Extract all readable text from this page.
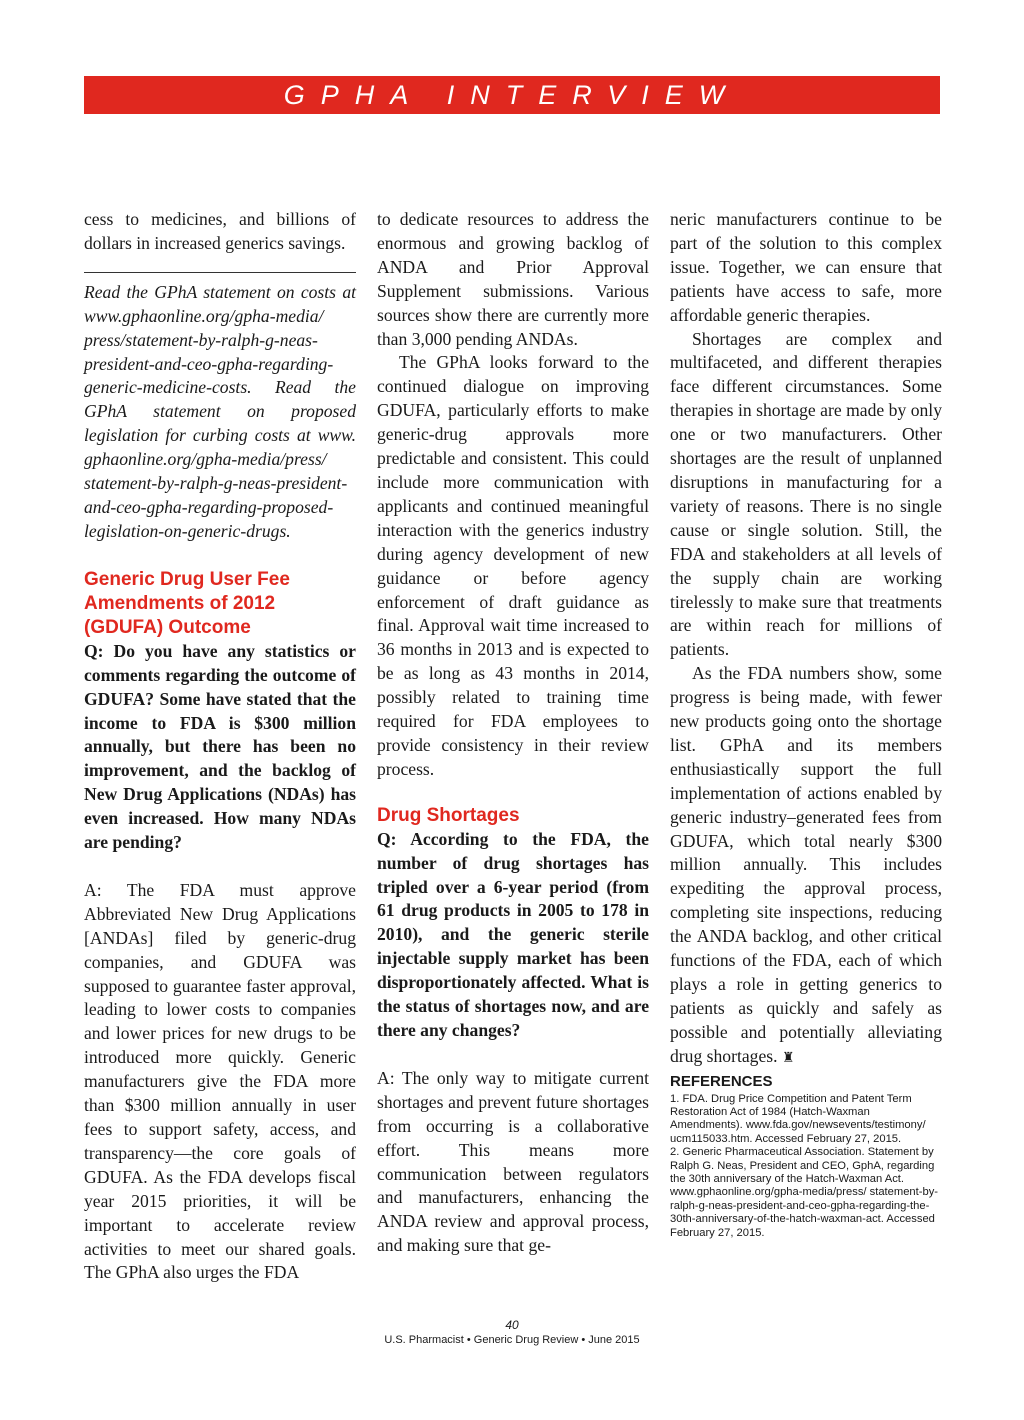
GPHA INTERVIEW

cess to medicines, and billions of dollars in increased generics savings.

Read the GPhA statement on costs at www.gphaonline.org/gpha-media/ press/statement-by-ralph-g-neas-president-and-ceo-gpha-regarding-generic-medicine-costs. Read the GPhA statement on proposed legislation for curbing costs at www. gphaonline.org/gpha-media/press/ statement-by-ralph-g-neas-president-and-ceo-gpha-regarding-proposed-legislation-on-generic-drugs.

Generic Drug User Fee Amendments of 2012 (GDUFA) Outcome

Q: Do you have any statistics or comments regarding the outcome of GDUFA? Some have stated that the income to FDA is $300 million annually, but there has been no improvement, and the backlog of New Drug Applications (NDAs) has even increased. How many NDAs are pending?

A: The FDA must approve Abbreviated New Drug Applications [ANDAs] filed by generic-drug companies, and GDUFA was supposed to guarantee faster approval, leading to lower costs to companies and lower prices for new drugs to be introduced more quickly. Generic manufacturers give the FDA more than $300 million annually in user fees to support safety, access, and transparency—the core goals of GDUFA. As the FDA develops fiscal year 2015 priorities, it will be important to accelerate review activities to meet our shared goals. The GPhA also urges the FDA

to dedicate resources to address the enormous and growing backlog of ANDA and Prior Approval Supplement submissions. Various sources show there are currently more than 3,000 pending ANDAs.

The GPhA looks forward to the continued dialogue on improving GDUFA, particularly efforts to make generic-drug approvals more predictable and consistent. This could include more communication with applicants and continued meaningful interaction with the generics industry during agency development of new guidance or before agency enforcement of draft guidance as final. Approval wait time increased to 36 months in 2013 and is expected to be as long as 43 months in 2014, possibly related to training time required for FDA employees to provide consistency in their review process.

Drug Shortages

Q: According to the FDA, the number of drug shortages has tripled over a 6-year period (from 61 drug products in 2005 to 178 in 2010), and the generic sterile injectable supply market has been disproportionately affected. What is the status of shortages now, and are there any changes?

A: The only way to mitigate current shortages and prevent future shortages from occurring is a collaborative effort. This means more communication between regulators and manufacturers, enhancing the ANDA review and approval process, and making sure that ge-

neric manufacturers continue to be part of the solution to this complex issue. Together, we can ensure that patients have access to safe, more affordable generic therapies.

Shortages are complex and multifaceted, and different therapies face different circumstances. Some therapies in shortage are made by only one or two manufacturers. Other shortages are the result of unplanned disruptions in manufacturing for a variety of reasons. There is no single cause or single solution. Still, the FDA and stakeholders at all levels of the supply chain are working tirelessly to make sure that treatments are within reach for millions of patients.

As the FDA numbers show, some progress is being made, with fewer new products going onto the shortage list. GPhA and its members enthusiastically support the full implementation of actions enabled by generic industry–generated fees from GDUFA, which total nearly $300 million annually. This includes expediting the approval process, completing site inspections, reducing the ANDA backlog, and other critical functions of the FDA, each of which plays a role in getting generics to patients as quickly and safely as possible and potentially alleviating drug shortages. ♜

REFERENCES

1. FDA. Drug Price Competition and Patent Term Restoration Act of 1984 (Hatch-Waxman Amendments). www.fda.gov/newsevents/testimony/ ucm115033.htm. Accessed February 27, 2015.

2. Generic Pharmaceutical Association. Statement by Ralph G. Neas, President and CEO, GphA, regarding the 30th anniversary of the Hatch-Waxman Act. www.gphaonline.org/gpha-media/press/ statement-by-ralph-g-neas-president-and-ceo-gpha-regarding-the-30th-anniversary-of-the-hatch-waxman-act. Accessed February 27, 2015.

40
U.S. Pharmacist • Generic Drug Review • June 2015
